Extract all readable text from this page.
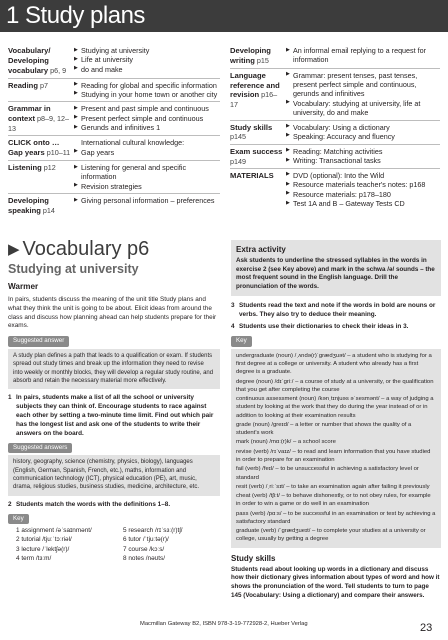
1 Study plans
Vocabulary/ Developing vocabulary p6, 9	▶ Studying at university
▶ Life at university
▶ do and make

Reading p7	▶ Reading for global and specific information
▶ Studying in your home town or another city

Grammar in context p8–9, 12–13	▶ Present and past simple and continuous
▶ Present perfect simple and continuous
▶ Gerunds and infinitives 1

CLICK onto … Gap years p10–11	International cultural knowledge:
▶ Gap years

Listening p12	▶ Listening for general and specific information
▶ Revision strategies

Developing speaking p14	▶ Giving personal information – preferences
Developing writing p15	▶ An informal email replying to a request for information

Language reference and revision p16–17	▶ Grammar: present tenses, past tenses, present perfect simple and continuous, gerunds and infinitives
▶ Vocabulary: studying at university, life at university, do and make

Study skills p145	▶ Vocabulary: Using a dictionary
▶ Speaking: Accuracy and fluency

Exam success p149	▶ Reading: Matching activities
▶ Writing: Transactional tasks

MATERIALS	▶ DVD (optional): Into the Wild
▶ Resource materials teacher's notes: p168
▶ Resource materials: p178–180
▶ Test 1A and B – Gateway Tests CD
▶ Vocabulary p6
Studying at university
Warmer

In pairs, students discuss the meaning of the unit title Study plans and what they think the unit is going to be about. Elicit ideas from around the class and discuss how planning ahead can help students prepare for their exams.

Suggested answer
A study plan defines a path that leads to a qualification or exam. If students spread out study times and break up the information they need to revise into weekly or monthly blocks, they will develop a regular study routine, and absorb and retain the necessary material more effectively.
1 In pairs, students make a list of all the school or university subjects they can think of. Encourage students to race against each other by setting a two-minute time limit. Find out which pair has the longest list and ask one of the students to write their answers on the board.
Suggested answers
history, geography, science (chemistry, physics, biology), languages (English, German, Spanish, French, etc.), maths, information and communication technology (ICT), physical education (PE), art, music, drama, religious studies, business studies, medicine, architecture, etc.
2 Students match the words with the definitions 1–8.
Key
1 assignment /əˈsaɪnmənt/	5 research /rɪˈsɜː(r)tʃ/
2 tutorial /tjuːˈtɔːriəl/	6 tutor /ˈtjuːtə(r)/
3 lecture /ˈlektʃə(r)/	7 course /kɔːs/
4 term /tɜːm/	8 notes /nəʊts/
Extra activity

Ask students to underline the stressed syllables in the words in exercise 2 (see Key above) and mark in the schwa /ə/ sounds – the most frequent sound in the English language. Drill the pronunciation of the words.

3 Students read the text and note if the words in bold are nouns or verbs. They also try to deduce their meaning.
4 Students use their dictionaries to check their ideas in 3.
Key
undergraduate (noun) /ˌʌndə(r)ˈɡrædʒuət/ – a student who is studying for a first degree at a college or university. A student who already has a first degree is a graduate.
degree (noun) /dɪˈɡriː/ – a course of study at a university, or the qualification that you get after completing the course
continuous assessment (noun) /kənˌtɪnjuəs əˈsesmənt/ – a way of judging a student by looking at the work that they do during the year instead of or in addition to looking at their examination results
grade (noun) /ɡreɪd/ – a letter or number that shows the quality of a student's work
mark (noun) /mɑː(r)k/ – a school score
revise (verb) /rɪˈvaɪz/ – to read and learn information that you have studied in order to prepare for an examination
fail (verb) /feɪl/ – to be unsuccessful in achieving a satisfactory level or standard
resit (verb) /ˌriːˈsɪt/ – to take an examination again after failing it previously
cheat (verb) /tʃiːt/ – to behave dishonestly, or to not obey rules, for example in order to win a game or do well in an examination
pass (verb) /pɑːs/ – to be successful in an examination or test by achieving a satisfactory standard
graduate (verb) /ˈɡrædʒueɪt/ – to complete your studies at a university or college, usually by getting a degree
Study skills

Students read about looking up words in a dictionary and discuss how their dictionary gives information about types of word and how it shows the pronunciation of the word. Tell students to turn to page 145 (Vocabulary: Using a dictionary) and compare their answers.

Macmillan Gateway B2, ISBN 978-3-19-772928-2, Hueber Verlag	23
